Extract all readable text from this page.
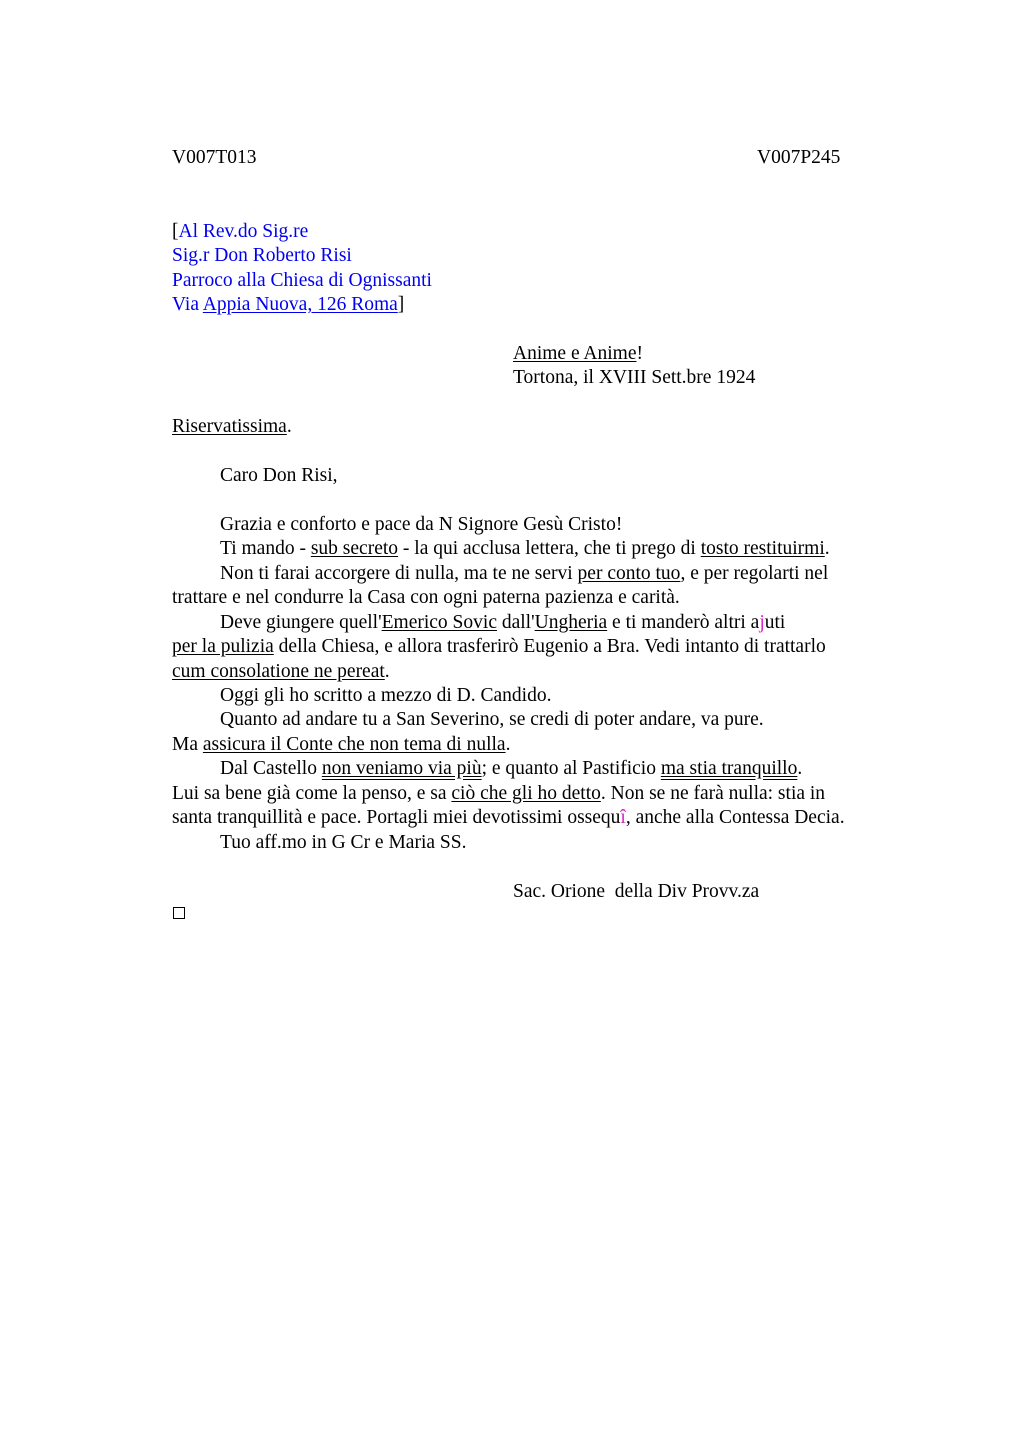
V007T013	V007P245
[Al Rev.do Sig.re
Sig.r Don Roberto Risi
Parroco alla Chiesa di Ognissanti
Via Appia Nuova, 126 Roma]
Anime e Anime!
Tortona, il XVIII Sett.bre 1924
Riservatissima.
Caro Don Risi,
Grazia e conforto e pace da N Signore Gesù Cristo!
Ti mando - sub secreto - la qui acclusa lettera, che ti prego di tosto restituirmi.
Non ti farai accorgere di nulla, ma te ne servi per conto tuo, e per regolarti nel
trattare e nel condurre la Casa con ogni paterna pazienza e carità.
Deve giungere quell'Emerico Sovic dall'Ungheria e ti manderò altri ajuti
per la pulizia della Chiesa, e allora trasferirò Eugenio a Bra. Vedi intanto di trattarlo
cum consolatione ne pereat.
Oggi gli ho scritto a mezzo di D. Candido.
Quanto ad andare tu a San Severino, se credi di poter andare, va pure.
Ma assicura il Conte che non tema di nulla.
Dal Castello non veniamo via più; e quanto al Pastificio ma stia tranquillo.
Lui sa bene già come la penso, e sa ciò che gli ho detto. Non se ne farà nulla: stia in
santa tranquillità e pace. Portagli miei devotissimi ossequî, anche alla Contessa Decia.
Tuo aff.mo in G Cr e Maria SS.
Sac. Orione  della Div Provv.za
